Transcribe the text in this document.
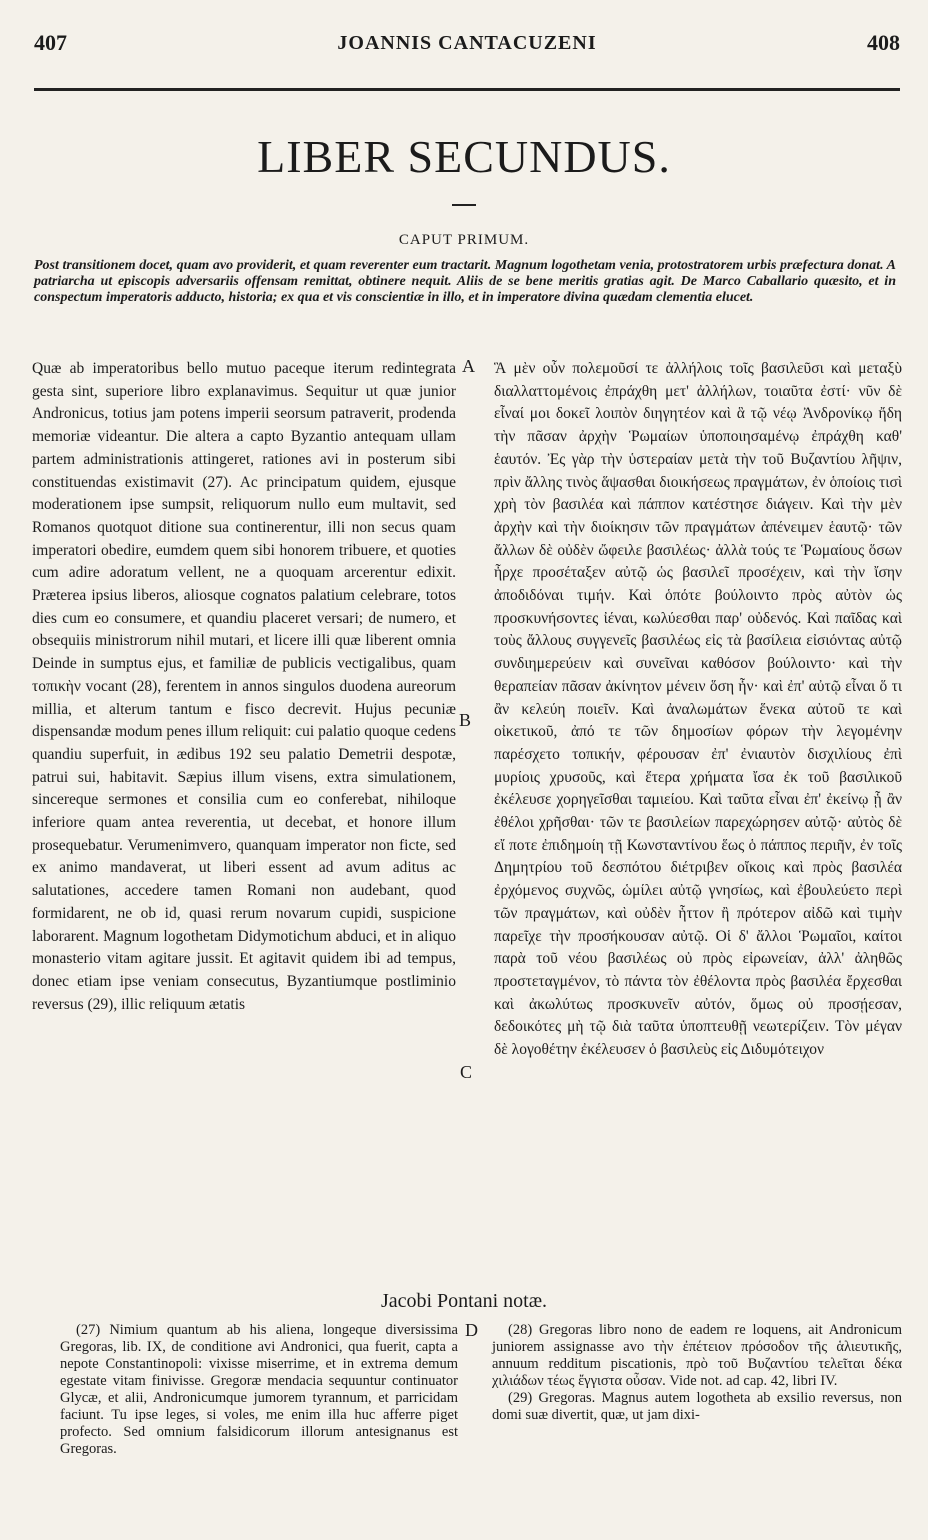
407	JOANNIS CANTACUZENI	408
LIBER SECUNDUS.
CAPUT PRIMUM.
Post transitionem docet, quam avo providerit, et quam reverenter eum tractarit. Magnum logothetam venia, protostratorem urbis præfectura donat. A patriarcha ut episcopis adversariis offensam remittat, obtinere nequit. Aliis de se bene meritis gratias agit. De Marco Caballario quæsito, et in conspectum imperatoris adducto, historia; ex qua et vis conscientiæ in illo, et in imperatore divina quædam clementia elucet.

Quæ ab imperatoribus bello mutuo paceque iterum redintegrata gesta sint, superiore libro explanavimus. Sequitur ut quæ junior Andronicus, totius jam potens imperii seorsum patraverit, prodenda memoriæ videantur. Die altera a capto Byzantio antequam ullam partem administrationis attingeret, rationes avi in posterum sibi constituendas existimavit (27). Ac principatum quidem, ejusque moderationem ipse sumpsit, reliquorum nullo eum multavit, sed Romanos quotquot ditione sua continerentur, illi non secus quam imperatori obedire, eumdem quem sibi honorem tribuere, et quoties cum adire adoratum vellent, ne a quoquam arcerentur edixit. Præterea ipsius liberos, aliosque cognatos palatium celebrare, totos dies cum eo consumere, et quandiu placeret versari; de numero, et obsequiis ministrorum nihil mutari, et licere illi quæ liberent omnia Deinde in sumptus ejus, et familiæ de publicis vectigalibus, quam τοπικὴν vocant (28), ferentem in annos singulos duodena aureorum millia, et alterum tantum e fisco decrevit. Hujus pecuniæ dispensandæ modum penes illum reliquit: cui palatio quoque cedens quandiu superfuit, in ædibus 192 seu palatio Demetrii despotæ, patrui sui, habitavit. Sæpius illum visens, extra simulationem, sincereque sermones et consilia cum eo conferebat, nihiloque inferiore quam antea reverentia, ut decebat, et honore illum prosequebatur. Verumenimvero, quanquam imperator non ficte, sed ex animo mandaverat, ut liberi essent ad avum aditus ac salutationes, accedere tamen Romani non audebant, quod formidarent, ne ob id, quasi rerum novarum cupidi, suspicione laborarent. Magnum logothetam Didymotichum abduci, et in aliquo monasterio vitam agitare jussit. Et agitavit quidem ibi ad tempus, donec etiam ipse veniam consecutus, Byzantiumque postliminio reversus (29), illic reliquum ætatis

Ἃ μὲν οὖν πολεμοῦσί τε ἀλλήλοις τοῖς βασιλεῦσι καὶ μεταξὺ διαλλαττομένοις ἐπράχθη μετ' ἀλλήλων, τοιαῦτα ἐστί· νῦν δὲ εἶναί μοι δοκεῖ λοιπὸν διηγητέον καὶ ἃ τῷ νέῳ Ἀνδρονίκῳ ἤδη τὴν πᾶσαν ἀρχὴν Ῥωμαίων ὑποποιησαμένῳ ἐπράχθη καθ' ἑαυτόν. Ἐς γὰρ τὴν ὑστεραίαν μετὰ τὴν τοῦ Βυζαντίου λῆψιν, πρὶν ἄλλης τινὸς ἅψασθαι διοικήσεως πραγμάτων, ἐν ὁποίοις τισὶ χρὴ τὸν βασιλέα καὶ πάππον κατέστησε διάγειν. Καὶ τὴν μὲν ἀρχὴν καὶ τὴν διοίκησιν τῶν πραγμάτων ἀπένειμεν ἑαυτῷ· τῶν ἄλλων δὲ οὐδὲν ὤφειλε βασιλέως· ἀλλὰ τούς τε Ῥωμαίους ὅσων ἦρχε προσέταξεν αὐτῷ ὡς βασιλεῖ προσέχειν, καὶ τὴν ἴσην ἀποδιδόναι τιμήν. Καὶ ὁπότε βούλοιντο πρὸς αὐτὸν ὡς προσκυνήσοντες ἰέναι, κωλύεσθαι παρ' οὐδενός. Καὶ παῖδας καὶ τοὺς ἄλλους συγγενεῖς βασιλέως εἰς τὰ βασίλεια εἰσιόντας αὐτῷ συνδιημερεύειν καὶ συνεῖναι καθόσον βούλοιντο· καὶ τὴν θεραπείαν πᾶσαν ἀκίνητον μένειν ὅση ἦν· καὶ ἐπ' αὐτῷ εἶναι ὅ τι ἂν κελεύη ποιεῖν. Καὶ ἀναλωμάτων ἕνεκα αὐτοῦ τε καὶ οἰκετικοῦ, ἀπό τε τῶν δημοσίων φόρων τὴν λεγομένην παρέσχετο τοπικήν, φέρουσαν ἐπ' ἐνιαυτὸν δισχιλίους ἐπὶ μυρίοις χρυσοῦς, καὶ ἕτερα χρήματα ἴσα ἐκ τοῦ βασιλικοῦ ἐκέλευσε χορηγεῖσθαι ταμιείου. Καὶ ταῦτα εἶναι ἐπ' ἐκείνῳ ᾗ ἂν ἐθέλοι χρῆσθαι· τῶν τε βασιλείων παρεχώρησεν αὐτῷ· αὐτὸς δὲ εἴ ποτε ἐπιδημοίη τῇ Κωνσταντίνου ἕως ὁ πάππος περιῆν, ἐν τοῖς Δημητρίου τοῦ δεσπότου διέτριβεν οἴκοις καὶ πρὸς βασιλέα ἐρχόμενος συχνῶς, ὡμίλει αὐτῷ γνησίως, καὶ ἐβουλεύετο περὶ τῶν πραγμάτων, καὶ οὐδὲν ἧττον ἢ πρότερον αἰδῶ καὶ τιμὴν παρεῖχε τὴν προσήκουσαν αὐτῷ. Οἱ δ' ἄλλοι Ῥωμαῖοι, καίτοι παρὰ τοῦ νέου βασιλέως οὐ πρὸς εἰρωνείαν, ἀλλ' ἀληθῶς προστεταγμένον, τὸ πάντα τὸν ἐθέλοντα πρὸς βασιλέα ἔρχεσθαι καὶ ἀκωλύτως προσκυνεῖν αὐτόν, ὅμως οὐ προσῄεσαν, δεδοικότες μὴ τῷ διὰ ταῦτα ὑποπτευθῇ νεωτερίζειν. Τὸν μέγαν δὲ λογοθέτην ἐκέλευσεν ὁ βασιλεὺς εἰς Διδυμότειχον

A
B
C
D
Jacobi Pontani notæ.

(27) Nimium quantum ab his aliena, longeque diversissima Gregoras, lib. IX, de conditione avi Andronici, qua fuerit, capta a nepote Constantinopoli: vixisse miserrime, et in extrema demum egestate vitam finivisse. Gregoræ mendacia sequuntur continuator Glycæ, et alii, Andronicumque jumorem tyrannum, et parricidam faciunt. Tu ipse leges, si voles, me enim illa huc afferre piget profecto. Sed omnium falsidicorum illorum antesignanus est Gregoras.

(28) Gregoras libro nono de eadem re loquens, ait Andronicum juniorem assignasse avo τὴν ἐπέτειον πρόσοδον τῆς ἁλιευτικῆς, annuum redditum piscationis, πρὸ τοῦ Βυζαντίου τελεῖται δέκα χιλιάδων τέως ἔγγιστα οὖσαν. Vide not. ad cap. 42, libri IV.

(29) Gregoras. Magnus autem logotheta ab exsilio reversus, non domi suæ divertit, quæ, ut jam dixi-
